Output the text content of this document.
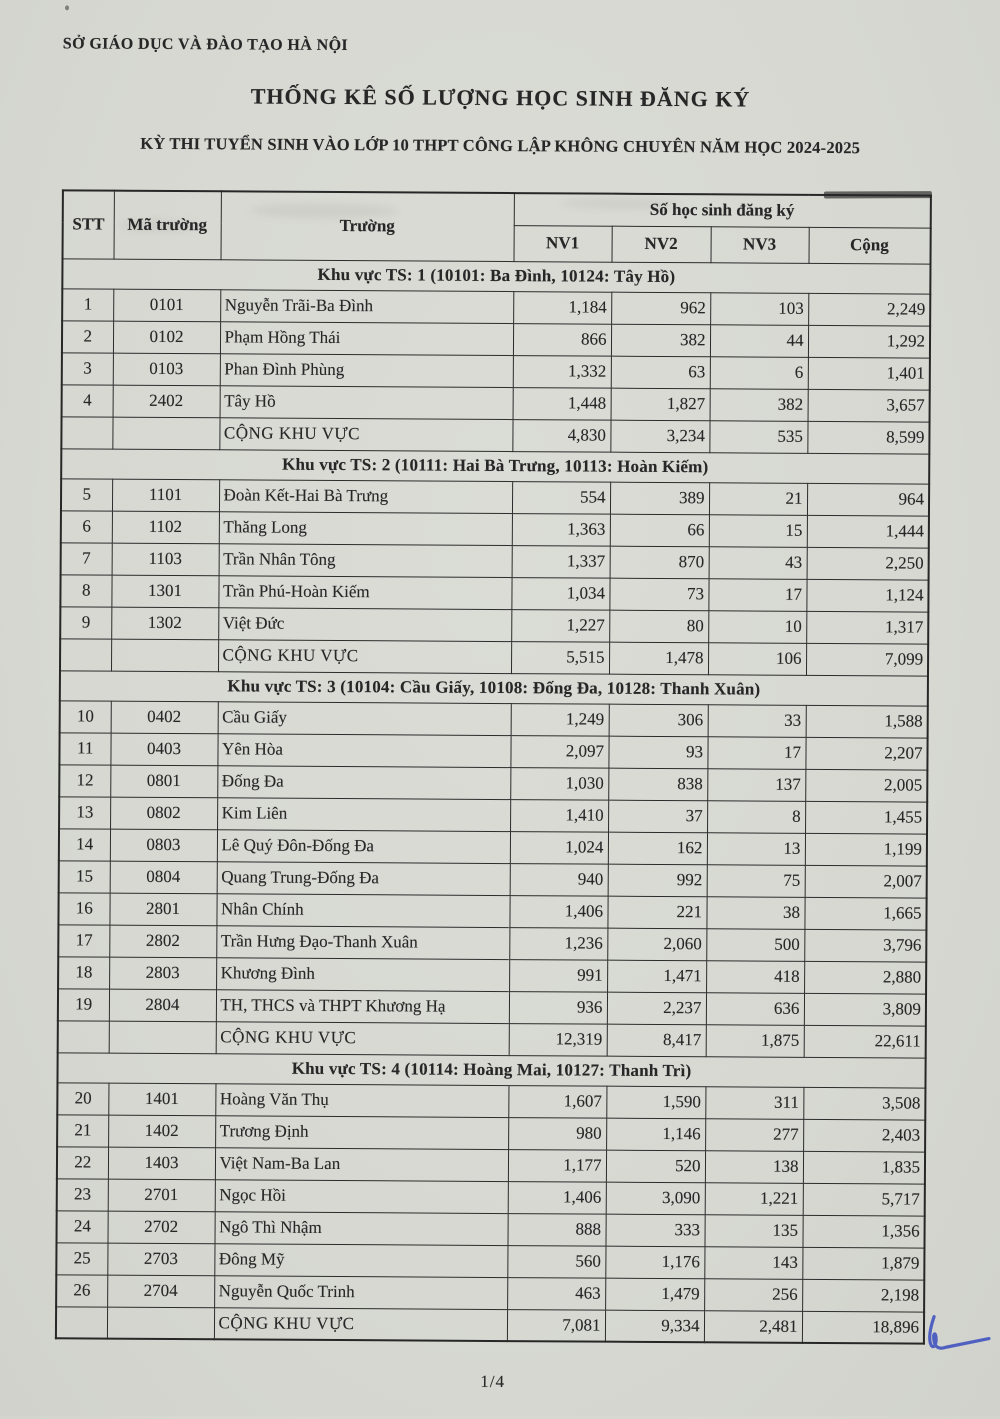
SỞ GIÁO DỤC VÀ ĐÀO TẠO HÀ NỘI
THỐNG KÊ SỐ LƯỢNG HỌC SINH ĐĂNG KÝ
KỲ THI TUYỂN SINH VÀO LỚP 10 THPT CÔNG LẬP KHÔNG CHUYÊN NĂM HỌC 2024-2025
STT	Mã trường	Trường	Số học sinh đăng ký			
			NV1	NV2	NV3	Cộng
Khu vực TS: 1 (10101: Ba Đình, 10124: Tây Hồ)						
1	0101	Nguyễn Trãi-Ba Đình	1,184	962	103	2,249
2	0102	Phạm Hồng Thái	866	382	44	1,292
3	0103	Phan Đình Phùng	1,332	63	6	1,401
4	2402	Tây Hồ	1,448	1,827	382	3,657
		CỘNG KHU VỰC	4,830	3,234	535	8,599
Khu vực TS: 2 (10111: Hai Bà Trưng, 10113: Hoàn Kiếm)						
5	1101	Đoàn Kết-Hai Bà Trưng	554	389	21	964
6	1102	Thăng Long	1,363	66	15	1,444
7	1103	Trần Nhân Tông	1,337	870	43	2,250
8	1301	Trần Phú-Hoàn Kiếm	1,034	73	17	1,124
9	1302	Việt Đức	1,227	80	10	1,317
		CỘNG KHU VỰC	5,515	1,478	106	7,099
Khu vực TS: 3 (10104: Cầu Giấy, 10108: Đống Đa, 10128: Thanh Xuân)						
10	0402	Cầu Giấy	1,249	306	33	1,588
11	0403	Yên Hòa	2,097	93	17	2,207
12	0801	Đống Đa	1,030	838	137	2,005
13	0802	Kim Liên	1,410	37	8	1,455
14	0803	Lê Quý Đôn-Đống Đa	1,024	162	13	1,199
15	0804	Quang Trung-Đống Đa	940	992	75	2,007
16	2801	Nhân Chính	1,406	221	38	1,665
17	2802	Trần Hưng Đạo-Thanh Xuân	1,236	2,060	500	3,796
18	2803	Khương Đình	991	1,471	418	2,880
19	2804	TH, THCS và THPT Khương Hạ	936	2,237	636	3,809
		CỘNG KHU VỰC	12,319	8,417	1,875	22,611
Khu vực TS: 4 (10114: Hoàng Mai, 10127: Thanh Trì)						
20	1401	Hoàng Văn Thụ	1,607	1,590	311	3,508
21	1402	Trương Định	980	1,146	277	2,403
22	1403	Việt Nam-Ba Lan	1,177	520	138	1,835
23	2701	Ngọc Hồi	1,406	3,090	1,221	5,717
24	2702	Ngô Thì Nhậm	888	333	135	1,356
25	2703	Đông Mỹ	560	1,176	143	1,879
26	2704	Nguyễn Quốc Trinh	463	1,479	256	2,198
		CỘNG KHU VỰC	7,081	9,334	2,481	18,896
1/4
